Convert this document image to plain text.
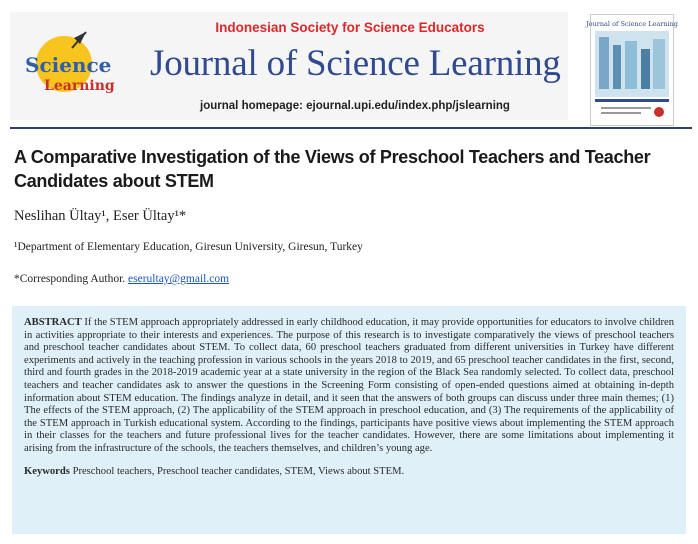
Science
Learning
Indonesian Society for Science Educators
Journal of Science Learning
journal homepage: ejournal.upi.edu/index.php/jslearning
Journal of Science Learning
A Comparative Investigation of the Views of Preschool Teachers and Teacher Candidates about STEM
Neslihan Ültay¹, Eser Ültay¹*
¹Department of Elementary Education, Giresun University, Giresun, Turkey
*Corresponding Author. eserultay@gmail.com

ABSTRACT If the STEM approach appropriately addressed in early childhood education, it may provide opportunities for educators to involve children in activities appropriate to their interests and experiences. The purpose of this research is to investigate comparatively the views of preschool teachers and preschool teacher candidates about STEM. To collect data, 60 preschool teachers graduated from different universities in Turkey have different experiments and actively in the teaching profession in various schools in the years 2018 to 2019, and 65 preschool teacher candidates in the first, second, third and fourth grades in the 2018-2019 academic year at a state university in the region of the Black Sea randomly selected. To collect data, preschool teachers and teacher candidates ask to answer the questions in the Screening Form consisting of open-ended questions aimed at obtaining in-depth information about STEM education. The findings analyze in detail, and it seen that the answers of both groups can discuss under three main themes; (1) The effects of the STEM approach, (2) The applicability of the STEM approach in preschool education, and (3) The requirements of the applicability of the STEM approach in Turkish educational system. According to the findings, participants have positive views about implementing the STEM approach in their classes for the teachers and future professional lives for the teacher candidates. However, there are some limitations about implementing it arising from the infrastructure of the schools, the teachers themselves, and children’s young age.

Keywords Preschool teachers, Preschool teacher candidates, STEM, Views about STEM.
